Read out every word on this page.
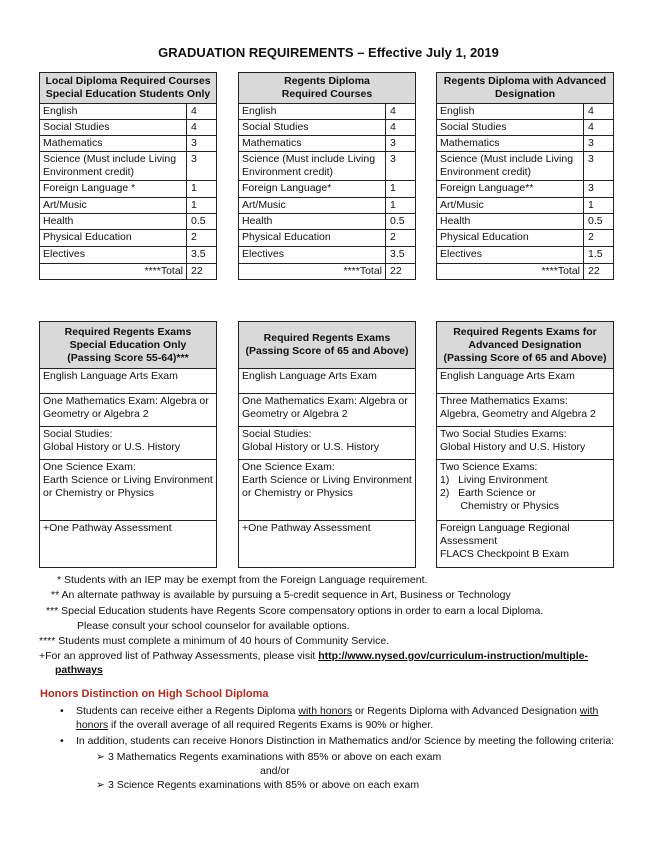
GRADUATION REQUIREMENTS – Effective July 1, 2019
Local Diploma Required Courses
Special Education Students Only	

English	4
Social Studies	4
Mathematics	3
Science (Must include Living Environment credit)	3
Foreign Language *	1
Art/Music	1
Health	0.5
Physical Education	2
Electives	3.5
****Total	22
Regents Diploma
Required Courses	

English	4
Social Studies	4
Mathematics	3
Science (Must include Living Environment credit)	3
Foreign Language*	1
Art/Music	1
Health	0.5
Physical Education	2
Electives	3.5
****Total	22
Regents Diploma with Advanced
Designation	

English	4
Social Studies	4
Mathematics	3
Science (Must include Living Environment credit)	3
Foreign Language**	3
Art/Music	1
Health	0.5
Physical Education	2
Electives	1.5
****Total	22
Required Regents Exams
Special Education Only
(Passing Score 55-64)***

English Language Arts Exam

One Mathematics Exam: Algebra or Geometry or Algebra 2

Social Studies:
Global History or U.S. History

One Science Exam:
Earth Science or Living Environment or Chemistry or Physics

+One Pathway Assessment
Required Regents Exams
(Passing Score of 65 and Above)

English Language Arts Exam

One Mathematics Exam: Algebra or Geometry or Algebra 2

Social Studies:
Global History or U.S. History

One Science Exam:
Earth Science or Living Environment or Chemistry or Physics

+One Pathway Assessment
Required Regents Exams for
Advanced Designation
(Passing Score of 65 and Above)

English Language Arts Exam

Three Mathematics Exams:
Algebra, Geometry and Algebra 2

Two Social Studies Exams:
Global History and U.S. History

Two Science Exams:
1)   Living Environment
2)   Earth Science or
Chemistry or Physics

Foreign Language Regional Assessment
FLACS Checkpoint B Exam
* Students with an IEP may be exempt from the Foreign Language requirement.
** An alternate pathway is available by pursuing a 5-credit sequence in Art, Business or Technology
*** Special Education students have Regents Score compensatory options in order to earn a local Diploma.
Please consult your school counselor for available options.
**** Students must complete a minimum of 40 hours of Community Service.
+For an approved list of Pathway Assessments, please visit http://www.nysed.gov/curriculum-instruction/multiple-
pathways
Honors Distinction on High School Diploma
• Students can receive either a Regents Diploma with honors or Regents Diploma with Advanced Designation with honors if the overall average of all required Regents Exams is 90% or higher.
• In addition, students can receive Honors Distinction in Mathematics and/or Science by meeting the following criteria:
➢ 3 Mathematics Regents examinations with 85% or above on each exam
and/or
➢ 3 Science Regents examinations with 85% or above on each exam
